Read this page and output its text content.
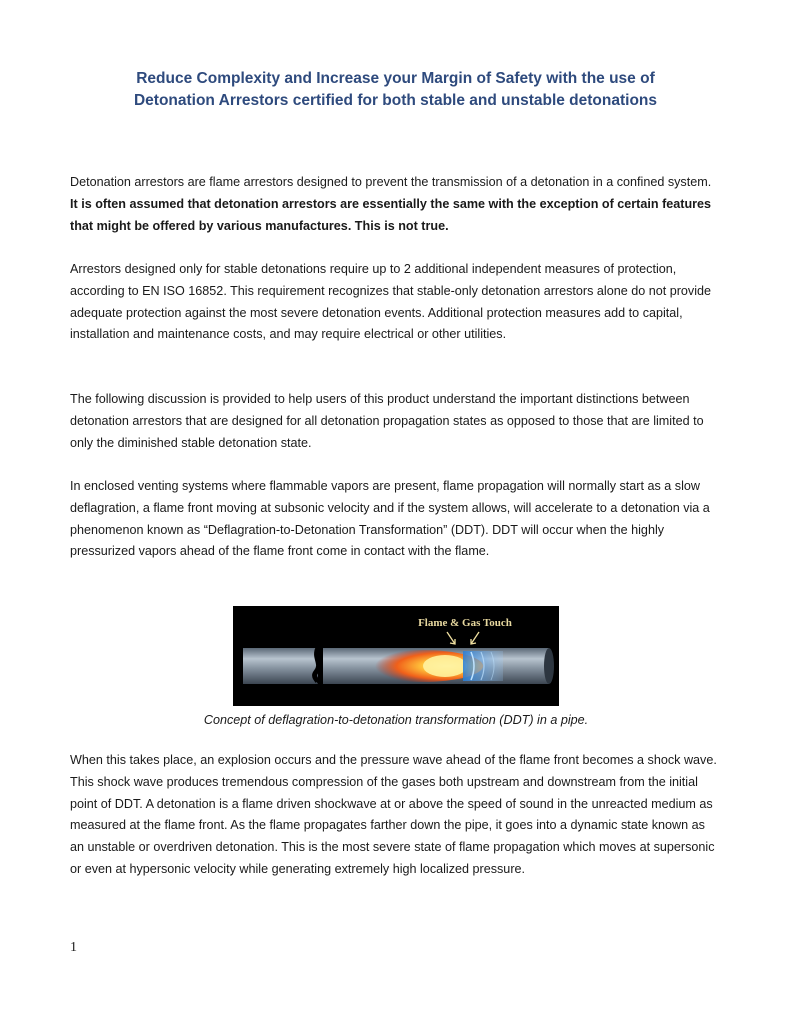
Reduce Complexity and Increase your Margin of Safety with the use of
Detonation Arrestors certified for both stable and unstable detonations

Detonation arrestors are flame arrestors designed to prevent the transmission of a detonation in a confined system. It is often assumed that detonation arrestors are essentially the same with the exception of certain features that might be offered by various manufactures. This is not true.

Arrestors designed only for stable detonations require up to 2 additional independent measures of protection, according to EN ISO 16852. This requirement recognizes that stable-only detonation arrestors alone do not provide adequate protection against the most severe detonation events. Additional protection measures add to capital, installation and maintenance costs, and may require electrical or other utilities.

The following discussion is provided to help users of this product understand the important distinctions between detonation arrestors that are designed for all detonation propagation states as opposed to those that are limited to only the diminished stable detonation state.

In enclosed venting systems where flammable vapors are present, flame propagation will normally start as a slow deflagration, a flame front moving at subsonic velocity and if the system allows, will accelerate to a detonation via a phenomenon known as “Deflagration-to-Detonation Transformation” (DDT). DDT will occur when the highly pressurized vapors ahead of the flame front come in contact with the flame.

Flame & Gas Touch
Concept of deflagration-to-detonation transformation (DDT) in a pipe.

When this takes place, an explosion occurs and the pressure wave ahead of the flame front becomes a shock wave. This shock wave produces tremendous compression of the gases both upstream and downstream from the initial point of DDT. A detonation is a flame driven shockwave at or above the speed of sound in the unreacted medium as measured at the flame front. As the flame propagates farther down the pipe, it goes into a dynamic state known as an unstable or overdriven detonation. This is the most severe state of flame propagation which moves at supersonic or even at hypersonic velocity while generating extremely high localized pressure.

1
